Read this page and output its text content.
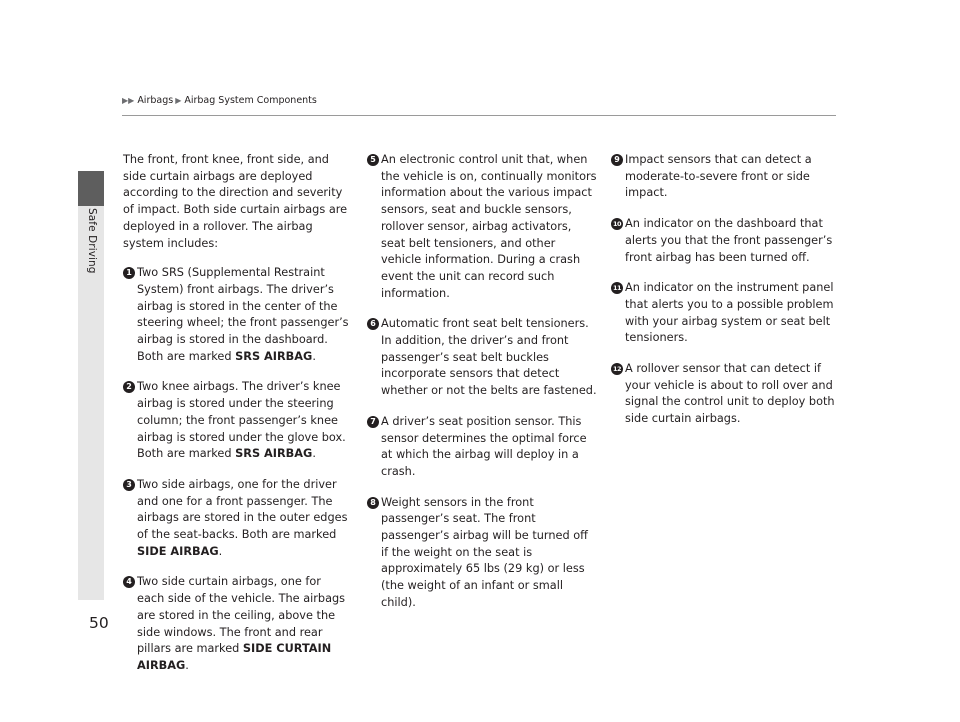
Safe Driving
▶▶ Airbags ▶ Airbag System Components

The front, front knee, front side, and side curtain airbags are deployed according to the direction and severity of impact. Both side curtain airbags are deployed in a rollover. The airbag system includes:

1 Two SRS (Supplemental Restraint System) front airbags. The driver’s airbag is stored in the center of the steering wheel; the front passenger’s airbag is stored in the dashboard. Both are marked SRS AIRBAG.
2 Two knee airbags. The driver’s knee airbag is stored under the steering column; the front passenger’s knee airbag is stored under the glove box. Both are marked SRS AIRBAG.
3 Two side airbags, one for the driver and one for a front passenger. The airbags are stored in the outer edges of the seat-backs. Both are marked SIDE AIRBAG.
4 Two side curtain airbags, one for each side of the vehicle. The airbags are stored in the ceiling, above the side windows. The front and rear pillars are marked SIDE CURTAIN AIRBAG.
5 An electronic control unit that, when the vehicle is on, continually monitors information about the various impact sensors, seat and buckle sensors, rollover sensor, airbag activators, seat belt tensioners, and other vehicle information. During a crash event the unit can record such information.
6 Automatic front seat belt tensioners. In addition, the driver’s and front passenger’s seat belt buckles incorporate sensors that detect whether or not the belts are fastened.
7 A driver’s seat position sensor. This sensor determines the optimal force at which the airbag will deploy in a crash.
8 Weight sensors in the front passenger’s seat. The front passenger’s airbag will be turned off if the weight on the seat is approximately 65 lbs (29 kg) or less (the weight of an infant or small child).
9 Impact sensors that can detect a moderate-to-severe front or side impact.
10 An indicator on the dashboard that alerts you that the front passenger’s front airbag has been turned off.
11 An indicator on the instrument panel that alerts you to a possible problem with your airbag system or seat belt tensioners.
12 A rollover sensor that can detect if your vehicle is about to roll over and signal the control unit to deploy both side curtain airbags.
50
